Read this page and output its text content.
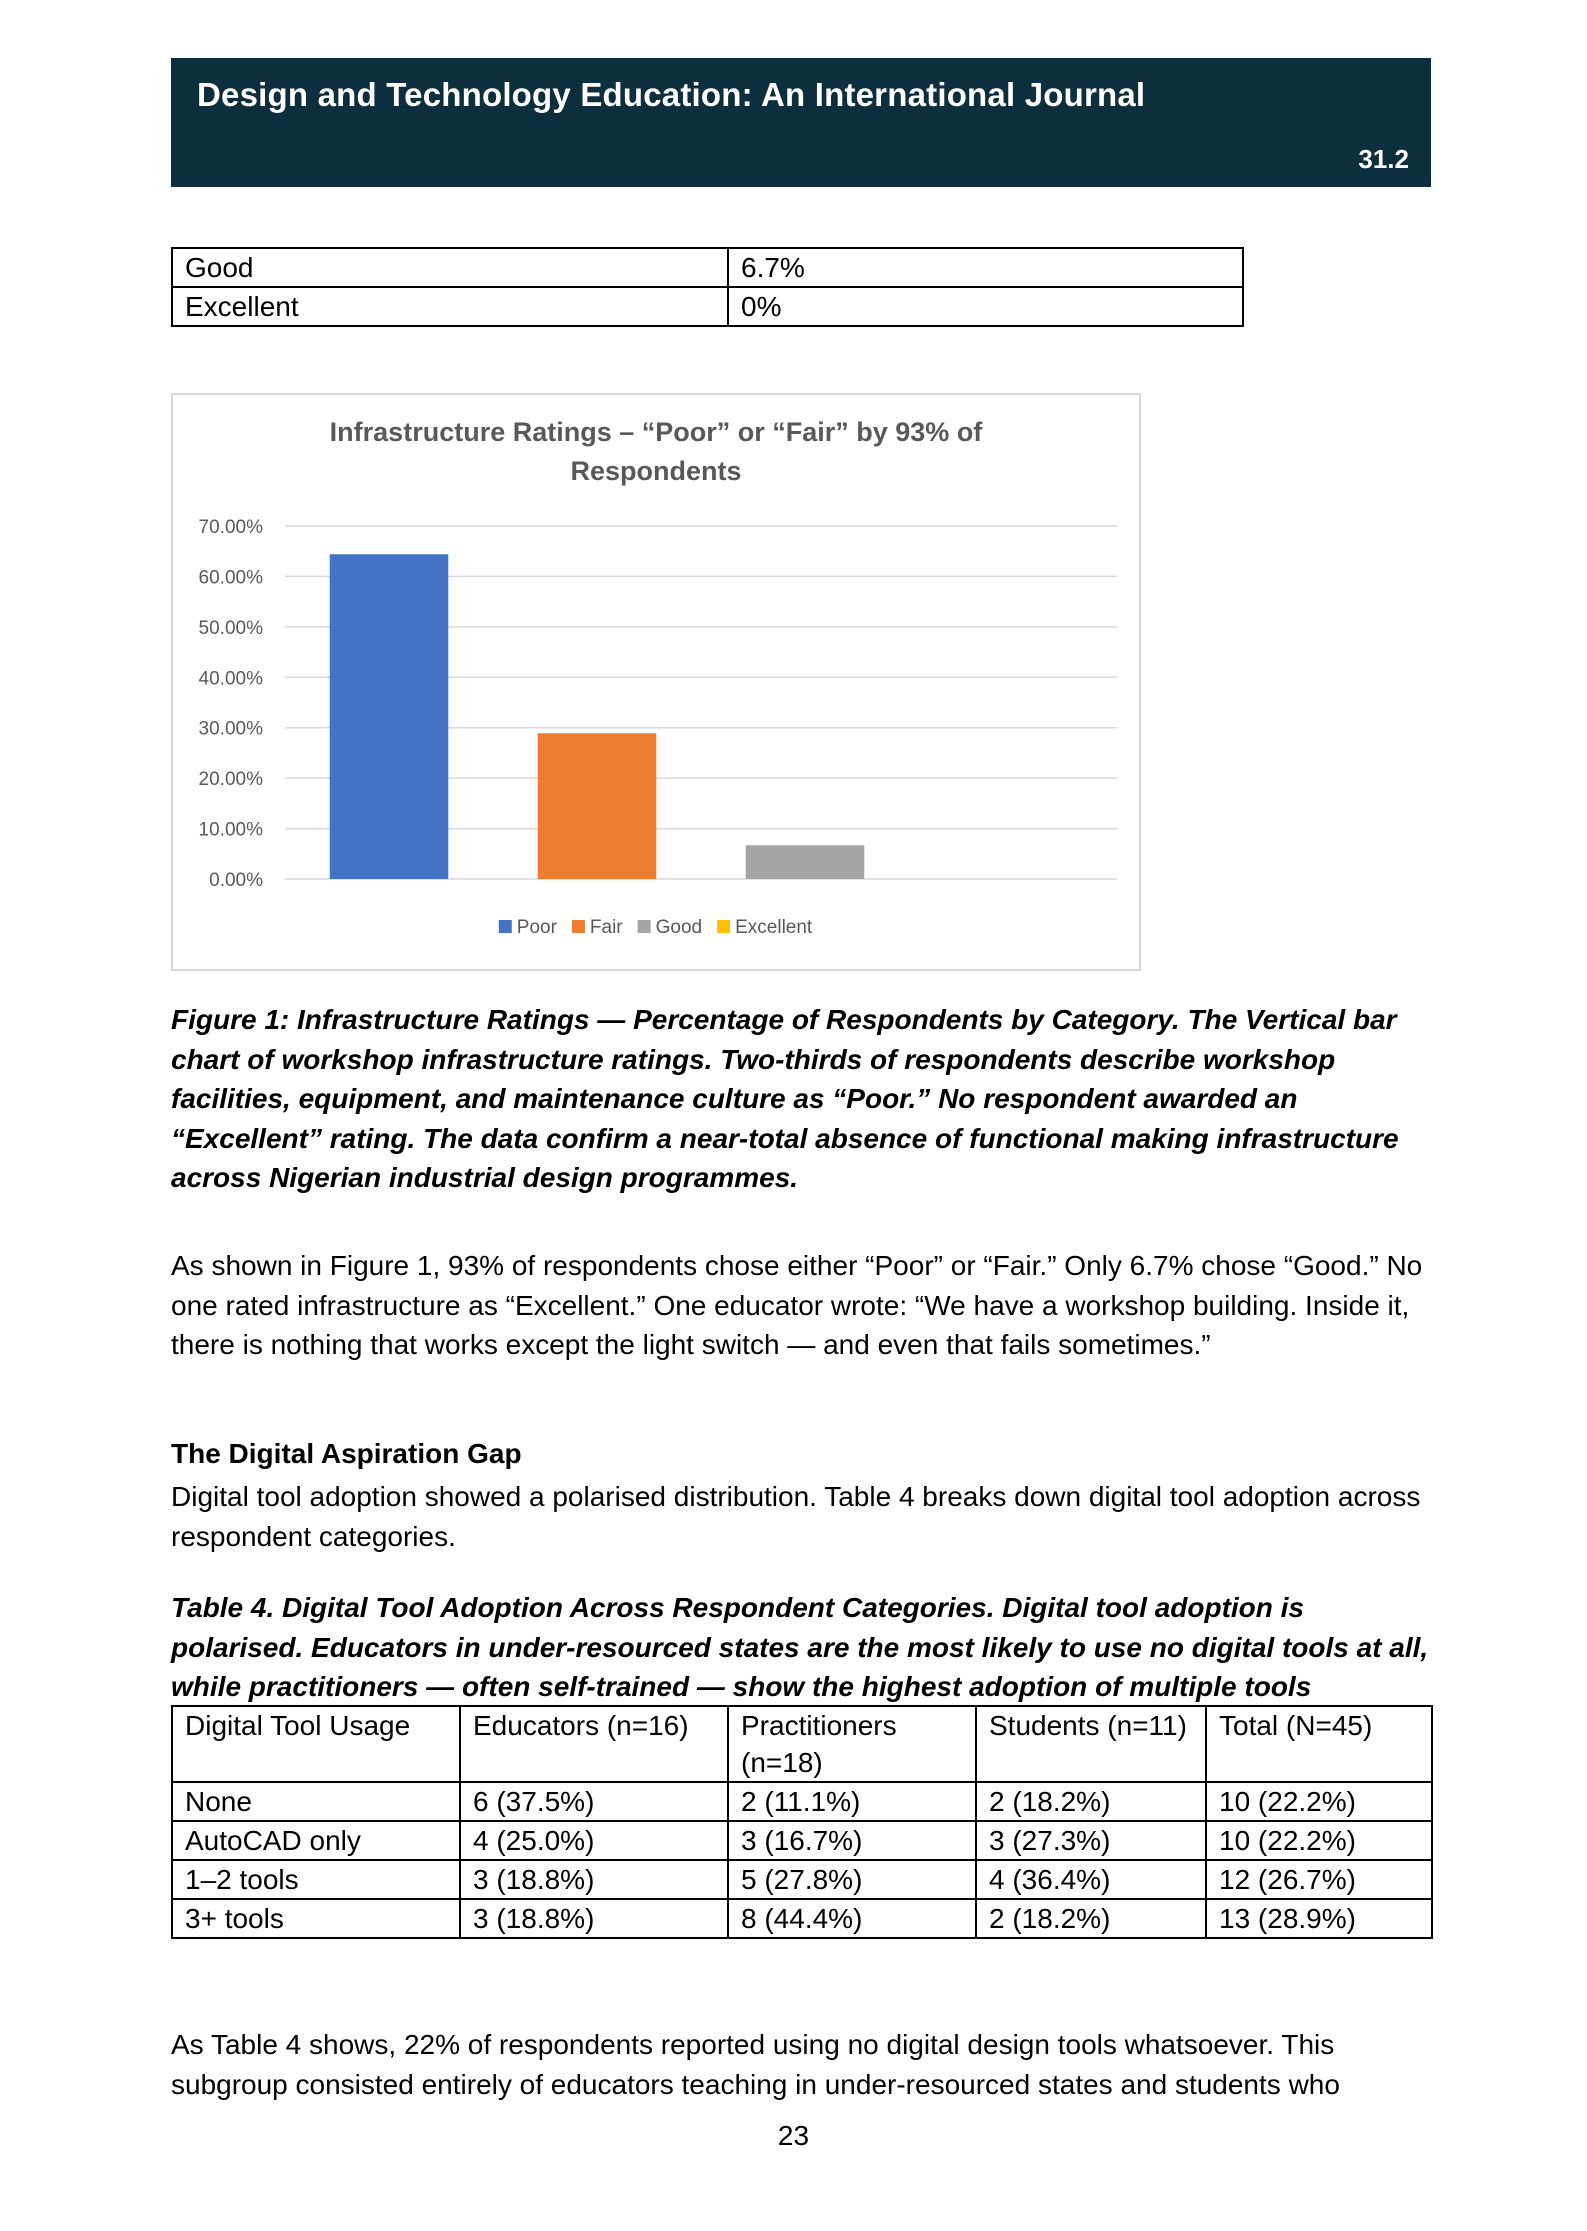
Design and Technology Education: An International Journal
31.2
Good	6.7%
Excellent	0%
Infrastructure Ratings – “Poor” or “Fair” by 93% of
Respondents
0.00%
10.00%
20.00%
30.00%
40.00%
50.00%
60.00%
70.00%
Poor Fair Good Excellent
Figure 1: Infrastructure Ratings — Percentage of Respondents by Category. The Vertical bar chart of workshop infrastructure ratings. Two-thirds of respondents describe workshop facilities, equipment, and maintenance culture as “Poor.” No respondent awarded an “Excellent” rating. The data confirm a near-total absence of functional making infrastructure across Nigerian industrial design programmes.
As shown in Figure 1, 93% of respondents chose either “Poor” or “Fair.” Only 6.7% chose “Good.” No one rated infrastructure as “Excellent.” One educator wrote: “We have a workshop building. Inside it, there is nothing that works except the light switch — and even that fails sometimes.”
The Digital Aspiration Gap
Digital tool adoption showed a polarised distribution. Table 4 breaks down digital tool adoption across respondent categories.
Table 4. Digital Tool Adoption Across Respondent Categories. Digital tool adoption is polarised. Educators in under-resourced states are the most likely to use no digital tools at all, while practitioners — often self-trained — show the highest adoption of multiple tools
Digital Tool Usage	Educators (n=16)	Practitioners (n=18)	Students (n=11)	Total (N=45)
None	6 (37.5%)	2 (11.1%)	2 (18.2%)	10 (22.2%)
AutoCAD only	4 (25.0%)	3 (16.7%)	3 (27.3%)	10 (22.2%)
1–2 tools	3 (18.8%)	5 (27.8%)	4 (36.4%)	12 (26.7%)
3+ tools	3 (18.8%)	8 (44.4%)	2 (18.2%)	13 (28.9%)
As Table 4 shows, 22% of respondents reported using no digital design tools whatsoever. This subgroup consisted entirely of educators teaching in under-resourced states and students who
23
